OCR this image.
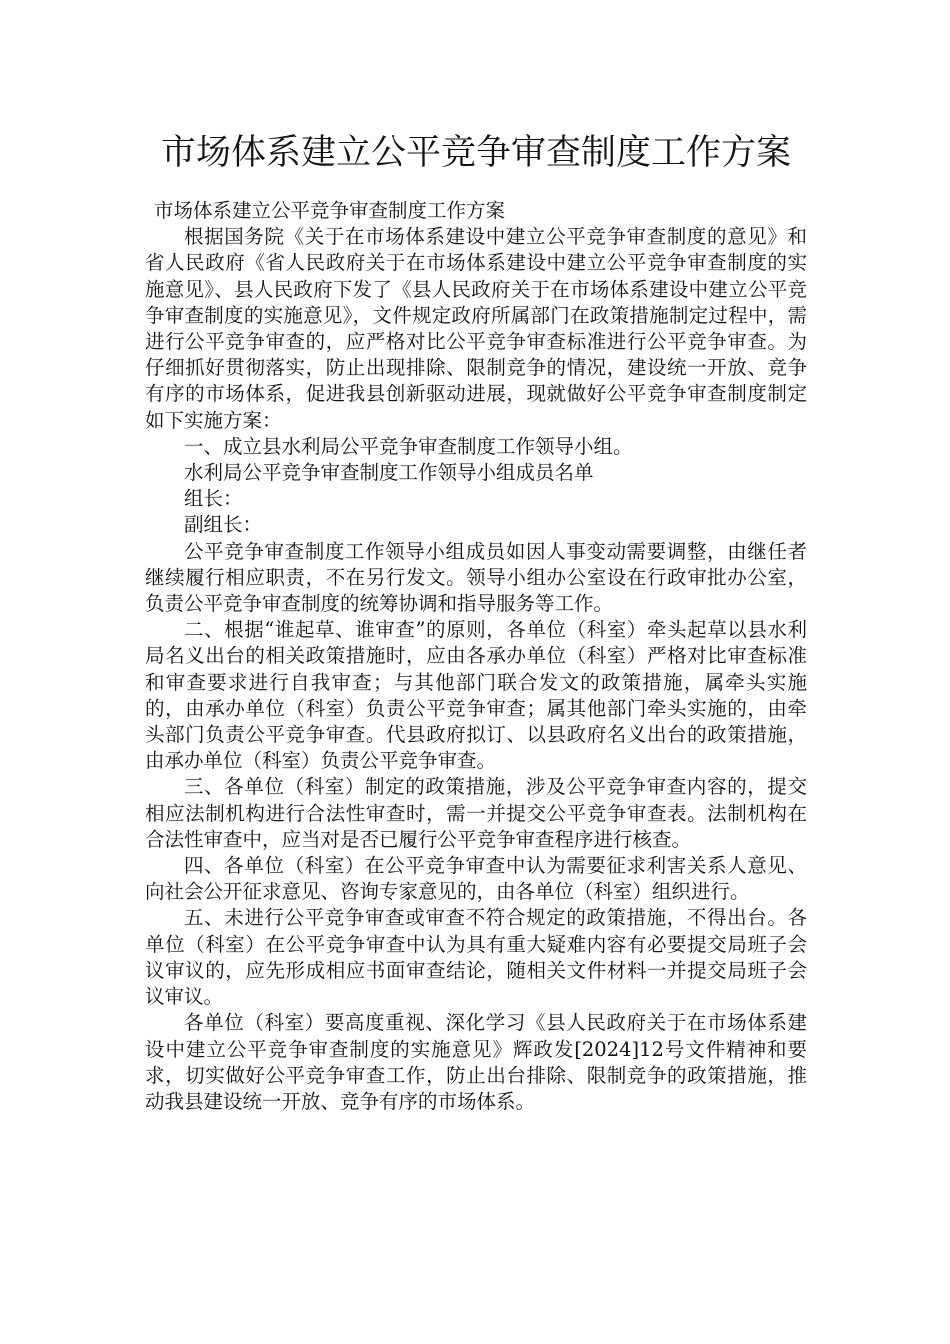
市场体系建立公平竞争审查制度工作方案

市场体系建立公平竞争审查制度工作方案

根据国务院《关于在市场体系建设中建立公平竞争审查制度的意见》和省人民政府《省人民政府关于在市场体系建设中建立公平竞争审查制度的实施意见》、县人民政府下发了《县人民政府关于在市场体系建设中建立公平竞争审查制度的实施意见》，文件规定政府所属部门在政策措施制定过程中，需进行公平竞争审查的，应严格对比公平竞争审查标准进行公平竞争审查。为仔细抓好贯彻落实，防止出现排除、限制竞争的情况，建设统一开放、竞争有序的市场体系，促进我县创新驱动进展，现就做好公平竞争审查制度制定如下实施方案：

一、成立县水利局公平竞争审查制度工作领导小组。

水利局公平竞争审查制度工作领导小组成员名单

组长：

副组长：

公平竞争审查制度工作领导小组成员如因人事变动需要调整，由继任者继续履行相应职责，不在另行发文。领导小组办公室设在行政审批办公室，负责公平竞争审查制度的统筹协调和指导服务等工作。

二、根据“谁起草、谁审查”的原则，各单位（科室）牵头起草以县水利局名义出台的相关政策措施时，应由各承办单位（科室）严格对比审查标准和审查要求进行自我审查；与其他部门联合发文的政策措施，属牵头实施的，由承办单位（科室）负责公平竞争审查；属其他部门牵头实施的，由牵头部门负责公平竞争审查。代县政府拟订、以县政府名义出台的政策措施，由承办单位（科室）负责公平竞争审查。

三、各单位（科室）制定的政策措施，涉及公平竞争审查内容的，提交相应法制机构进行合法性审查时，需一并提交公平竞争审查表。法制机构在合法性审查中，应当对是否已履行公平竞争审查程序进行核查。

四、各单位（科室）在公平竞争审查中认为需要征求利害关系人意见、向社会公开征求意见、咨询专家意见的，由各单位（科室）组织进行。

五、未进行公平竞争审查或审查不符合规定的政策措施，不得出台。各单位（科室）在公平竞争审查中认为具有重大疑难内容有必要提交局班子会议审议的，应先形成相应书面审查结论，随相关文件材料一并提交局班子会议审议。

各单位（科室）要高度重视、深化学习《县人民政府关于在市场体系建设中建立公平竞争审查制度的实施意见》辉政发[2024]12号文件精神和要求，切实做好公平竞争审查工作，防止出台排除、限制竞争的政策措施，推动我县建设统一开放、竞争有序的市场体系。
